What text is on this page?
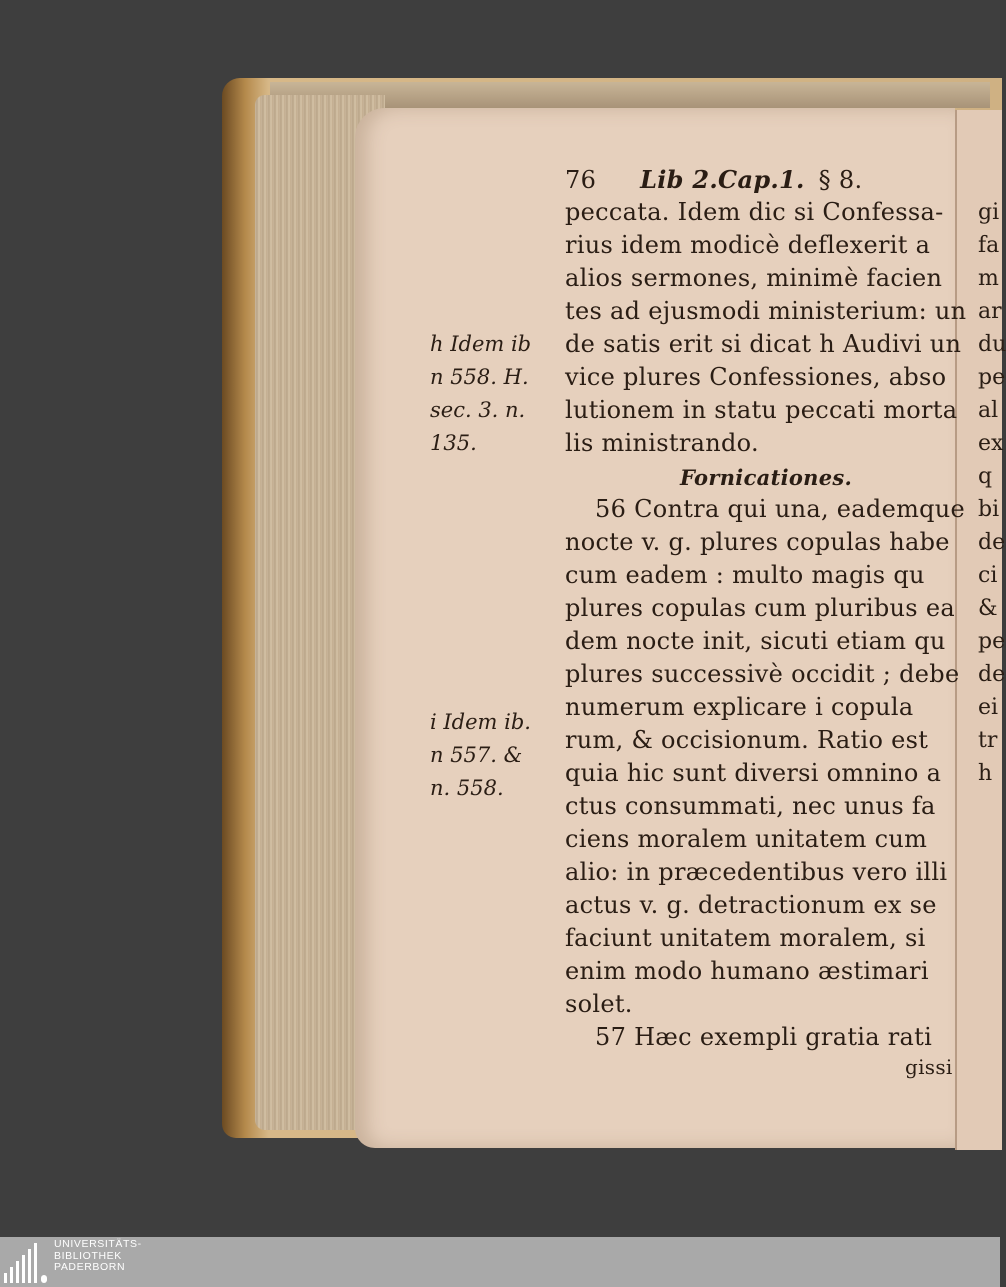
76 Lib 2.Cap.1. § 8.
peccata. Idem dic si Confessa-
rius idem modicè deflexerit a
alios sermones, minimè facien
tes ad ejusmodi ministerium: un
de satis erit si dicat h Audivi un
vice plures Confessiones, abso
lutionem in statu peccati morta
lis ministrando.
Fornicationes.
56 Contra qui una, eademque
nocte v. g. plures copulas habe
cum eadem : multo magis qu
plures copulas cum pluribus ea
dem nocte init, sicuti etiam qu
plures successivè occidit ; debe
numerum explicare i copula
rum, & occisionum. Ratio est
quia hic sunt diversi omnino a
ctus consummati, nec unus fa
ciens moralem unitatem cum
alio: in præcedentibus vero illi
actus v. g. detractionum ex se
faciunt unitatem moralem, si
enim modo humano æstimari
solet.
57 Hæc exempli gratia rati
gissi
h Idem ib
n 558. H.
sec. 3. n.
135.
i Idem ib.
n 557. &
n. 558.
gi
fa
m
ar
du
pe
al
ex
q
bi
de
ci
&
pe
de
ei
tr
h
UNIVERSITÄTS-
BIBLIOTHEK
PADERBORN
